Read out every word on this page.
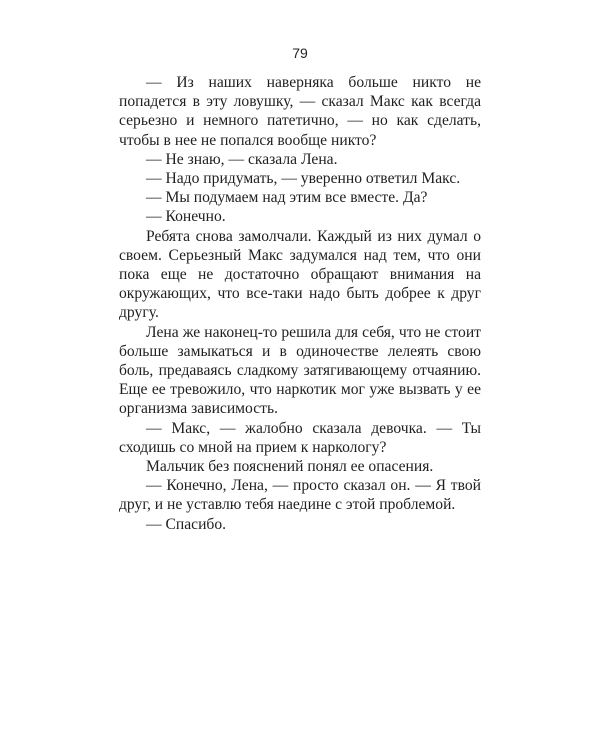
79

— Из наших наверняка больше никто не попадется в эту ловушку, — сказал Макс как всегда серьезно и немного патетично, — но как сделать, чтобы в нее не попался вообще никто?

— Не знаю, — сказала Лена.

— Надо придумать, — уверенно ответил Макс.

— Мы подумаем над этим все вместе. Да?

— Конечно.

Ребята снова замолчали. Каждый из них думал о своем. Серьезный Макс задумался над тем, что они пока еще не достаточно обращают внимания на окружающих, что все-таки надо быть добрее к друг другу.

Лена же наконец-то решила для себя, что не стоит больше замыкаться и в одиночестве лелеять свою боль, предаваясь сладкому затягивающему отчаянию. Еще ее тревожило, что наркотик мог уже вызвать у ее организма зависимость.

— Макс, — жалобно сказала девочка. — Ты сходишь со мной на прием к наркологу?

Мальчик без пояснений понял ее опасения.

— Конечно, Лена, — просто сказал он. — Я твой друг, и не уставлю тебя наедине с этой проблемой.

— Спасибо.
